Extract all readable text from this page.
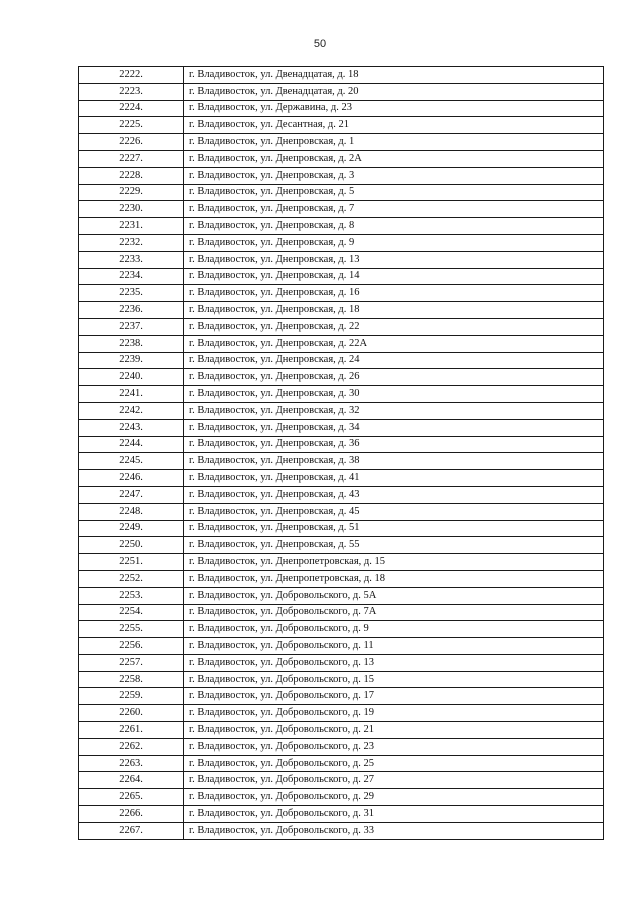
50
2222.	г. Владивосток, ул. Двенадцатая, д. 18
2223.	г. Владивосток, ул. Двенадцатая, д. 20
2224.	г. Владивосток, ул. Державина, д. 23
2225.	г. Владивосток, ул. Десантная, д. 21
2226.	г. Владивосток, ул. Днепровская, д. 1
2227.	г. Владивосток, ул. Днепровская, д. 2А
2228.	г. Владивосток, ул. Днепровская, д. 3
2229.	г. Владивосток, ул. Днепровская, д. 5
2230.	г. Владивосток, ул. Днепровская, д. 7
2231.	г. Владивосток, ул. Днепровская, д. 8
2232.	г. Владивосток, ул. Днепровская, д. 9
2233.	г. Владивосток, ул. Днепровская, д. 13
2234.	г. Владивосток, ул. Днепровская, д. 14
2235.	г. Владивосток, ул. Днепровская, д. 16
2236.	г. Владивосток, ул. Днепровская, д. 18
2237.	г. Владивосток, ул. Днепровская, д. 22
2238.	г. Владивосток, ул. Днепровская, д. 22А
2239.	г. Владивосток, ул. Днепровская, д. 24
2240.	г. Владивосток, ул. Днепровская, д. 26
2241.	г. Владивосток, ул. Днепровская, д. 30
2242.	г. Владивосток, ул. Днепровская, д. 32
2243.	г. Владивосток, ул. Днепровская, д. 34
2244.	г. Владивосток, ул. Днепровская, д. 36
2245.	г. Владивосток, ул. Днепровская, д. 38
2246.	г. Владивосток, ул. Днепровская, д. 41
2247.	г. Владивосток, ул. Днепровская, д. 43
2248.	г. Владивосток, ул. Днепровская, д. 45
2249.	г. Владивосток, ул. Днепровская, д. 51
2250.	г. Владивосток, ул. Днепровская, д. 55
2251.	г. Владивосток, ул. Днепропетровская, д. 15
2252.	г. Владивосток, ул. Днепропетровская, д. 18
2253.	г. Владивосток, ул. Добровольского, д. 5А
2254.	г. Владивосток, ул. Добровольского, д. 7А
2255.	г. Владивосток, ул. Добровольского, д. 9
2256.	г. Владивосток, ул. Добровольского, д. 11
2257.	г. Владивосток, ул. Добровольского, д. 13
2258.	г. Владивосток, ул. Добровольского, д. 15
2259.	г. Владивосток, ул. Добровольского, д. 17
2260.	г. Владивосток, ул. Добровольского, д. 19
2261.	г. Владивосток, ул. Добровольского, д. 21
2262.	г. Владивосток, ул. Добровольского, д. 23
2263.	г. Владивосток, ул. Добровольского, д. 25
2264.	г. Владивосток, ул. Добровольского, д. 27
2265.	г. Владивосток, ул. Добровольского, д. 29
2266.	г. Владивосток, ул. Добровольского, д. 31
2267.	г. Владивосток, ул. Добровольского, д. 33
